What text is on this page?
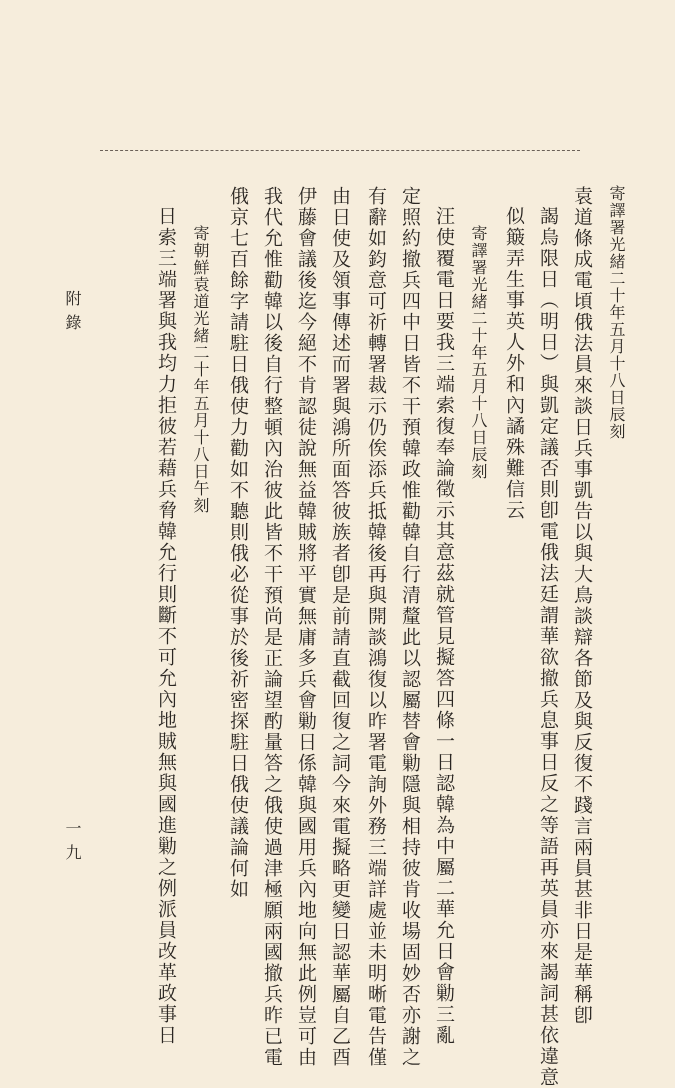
寄譯署光緒二十年五月十八日辰刻
袁道條成電頃俄法員來談日兵事凱告以與大鳥談辯各節及與反復不踐言兩員甚非日是華稱卽
謁烏限日（明日）與凱定議否則卽電俄法廷謂華欲撤兵息事日反之等語再英員亦來謁詞甚依違意
似簸弄生事英人外和內譎殊難信云
寄譯署光緒二十年五月十八日辰刻
汪使覆電日要我三端索復奉論徵示其意茲就管見擬答四條一日認韓為中屬二華允日會勦三亂
定照約撤兵四中日皆不干預韓政惟勸韓自行清釐此以認屬替會勦隱與相持彼肯收場固妙否亦謝之
有辭如鈞意可祈轉署裁示仍俟添兵抵韓後再與開談鴻復以昨署電詢外務三端詳處並未明晰電告僅
由日使及領事傳述而署與鴻所面答彼族者卽是前請直截回復之詞今來電擬略更變日認華屬自乙酉
伊藤會議後迄今絕不肯認徒說無益韓賊將平實無庸多兵會勦日係韓與國用兵內地向無此例豈可由
我代允惟勸韓以後自行整頓內治彼此皆不干預尚是正論望酌量答之俄使過津極願兩國撤兵昨已電
俄京七百餘字請駐日俄使力勸如不聽則俄必從事於後祈密探駐日俄使議論何如
寄朝鮮袁道光緒二十年五月十八日午刻
日索三端署與我均力拒彼若藉兵脅韓允行則斷不可允內地賊無與國進勦之例派員改革政事日
附錄
一九
